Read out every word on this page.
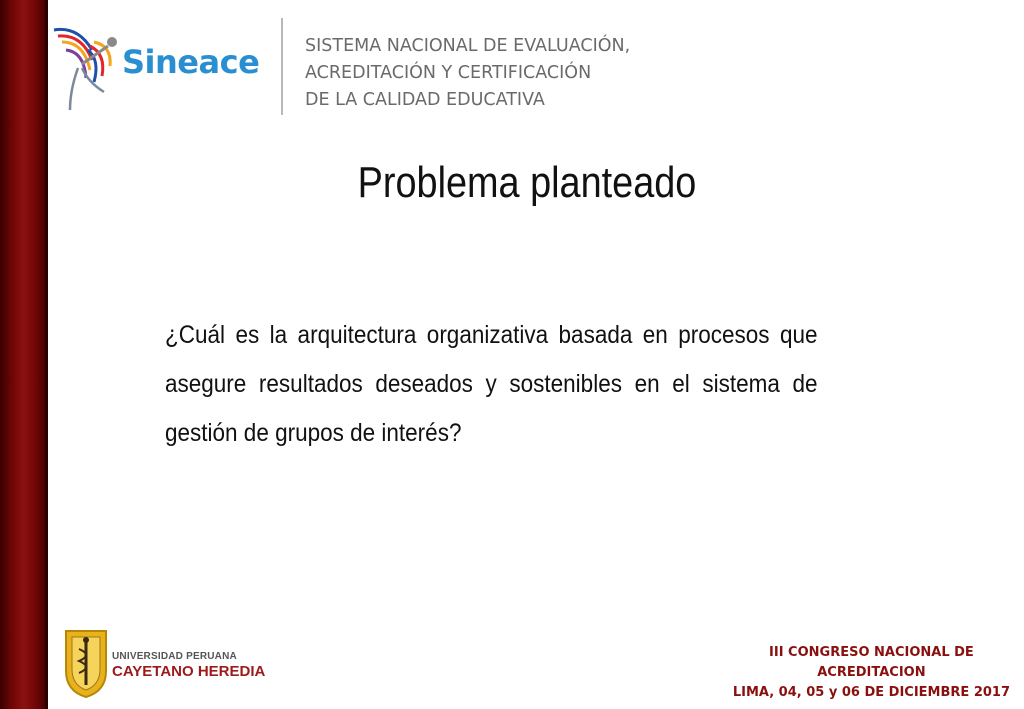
Sineace	SISTEMA NACIONAL DE EVALUACIÓN,
ACREDITACIÓN Y CERTIFICACIÓN
DE LA CALIDAD EDUCATIVA
Problema planteado
¿Cuál es la arquitectura organizativa basada en procesos que asegure resultados deseados y sostenibles en el sistema de gestión de grupos de interés?
UNIVERSIDAD PERUANA
CAYETANO HEREDIA
III CONGRESO NACIONAL DE
ACREDITACION
LIMA, 04, 05 y 06 DE DICIEMBRE 2017
